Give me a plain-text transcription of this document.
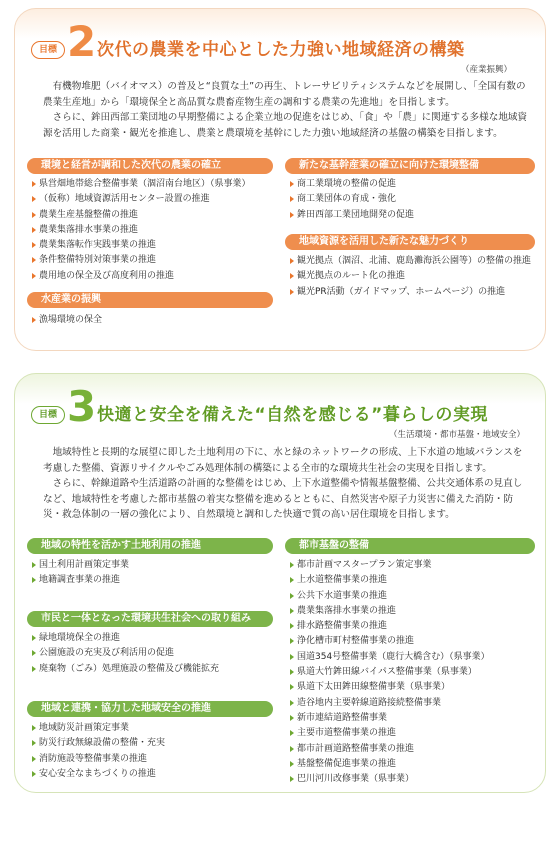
目標 2 次代の農業を中心とした力強い地域経済の構築
（産業振興）

有機物堆肥（バイオマス）の普及と“良質な土”の再生、トレーサビリティシステムなどを展開し、「全国有数の農業生産地」から「環境保全と高品質な農畜産物生産の調和する農業の先進地」を目指します。

さらに、鉾田西部工業団地の早期整備による企業立地の促進をはじめ、「食」や「農」に関連する多様な地域資源を活用した商業・観光を推進し、農業と農環境を基幹にした力強い地域経済の基盤の構築を目指します。

環境と経営が調和した次代の農業の確立
県営畑地帯総合整備事業（涸沼南台地区）（県事業）
（仮称）地域資源活用センター設置の推進
農業生産基盤整備の推進
農業集落排水事業の推進
農業集落転作実践事業の推進
条件整備特別対策事業の推進
農用地の保全及び高度利用の推進
水産業の振興
漁場環境の保全
新たな基幹産業の確立に向けた環境整備
商工業環境の整備の促進
商工業団体の育成・強化
鉾田西部工業団地開発の促進
地域資源を活用した新たな魅力づくり
観光拠点（涸沼、北浦、鹿島灘海浜公園等）の整備の推進
観光拠点のルート化の推進
観光PR活動（ガイドマップ、ホームページ）の推進
目標 3 快適と安全を備えた“自然を感じる”暮らしの実現
（生活環境・都市基盤・地域安全）

地域特性と長期的な展望に即した土地利用の下に、水と緑のネットワークの形成、上下水道の地域バランスを考慮した整備、資源リサイクルやごみ処理体制の構築による全市的な環境共生社会の実現を目指します。

さらに、幹線道路や生活道路の計画的な整備をはじめ、上下水道整備や情報基盤整備、公共交通体系の見直しなど、地域特性を考慮した都市基盤の着実な整備を進めるとともに、自然災害や原子力災害に備えた消防・防災・救急体制の一層の強化により、自然環境と調和した快適で質の高い居住環境を目指します。

地域の特性を活かす土地利用の推進
国土利用計画策定事業
地籍調査事業の推進
市民と一体となった環境共生社会への取り組み
緑地環境保全の推進
公園施設の充実及び利活用の促進
廃棄物（ごみ）処理施設の整備及び機能拡充
地域と連携・協力した地域安全の推進
地域防災計画策定事業
防災行政無線設備の整備・充実
消防施設等整備事業の推進
安心安全なまちづくりの推進
都市基盤の整備
都市計画マスタープラン策定事業
上水道整備事業の推進
公共下水道事業の推進
農業集落排水事業の推進
排水路整備事業の推進
浄化槽市町村整備事業の推進
国道354号整備事業（鹿行大橋含む）（県事業）
県道大竹鉾田線バイパス整備事業（県事業）
県道下太田鉾田線整備事業（県事業）
造谷地内主要幹線道路接続整備事業
新市連結道路整備事業
主要市道整備事業の推進
都市計画道路整備事業の推進
基盤整備促進事業の推進
巴川河川改修事業（県事業）
